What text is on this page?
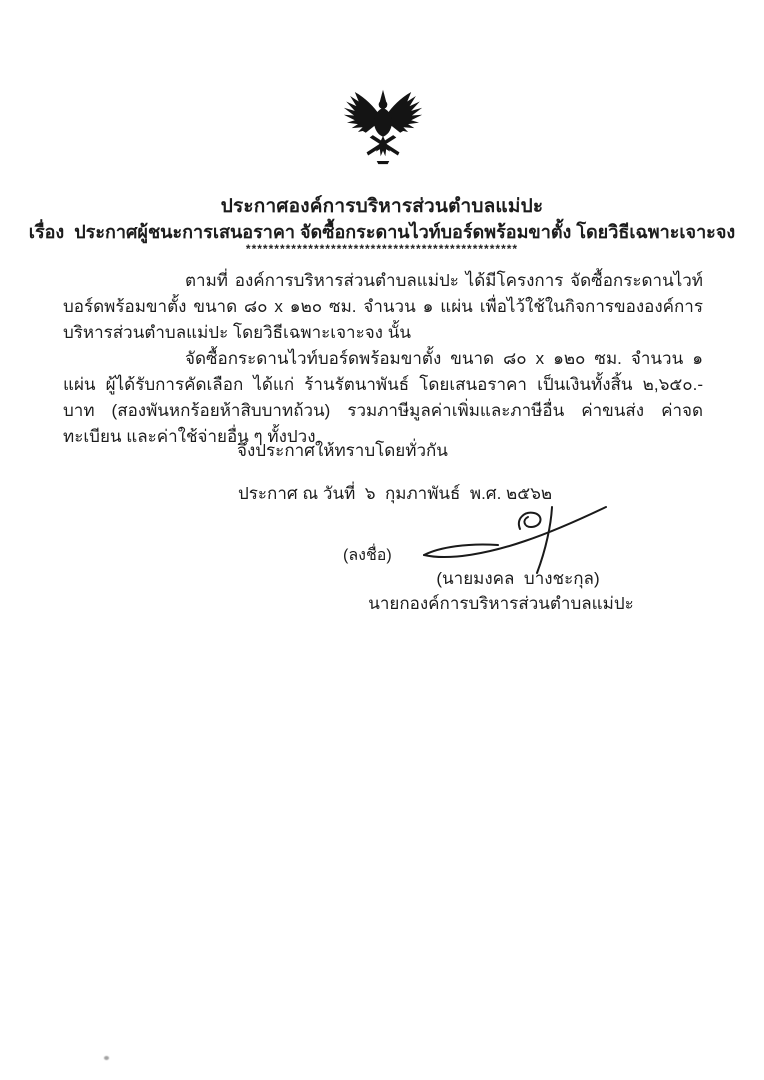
ประกาศองค์การบริหารส่วนตำบลแม่ปะ
เรื่อง  ประกาศผู้ชนะการเสนอราคา จัดซื้อกระดานไวท์บอร์ดพร้อมขาตั้ง โดยวิธีเฉพาะเจาะจง
************************************************

ตามที่ องค์การบริหารส่วนตำบลแม่ปะ ได้มีโครงการ จัดซื้อกระดานไวท์บอร์ดพร้อมขาตั้ง ขนาด ๘๐ x ๑๒๐ ซม. จำนวน ๑ แผ่น เพื่อไว้ใช้ในกิจการขององค์การบริหารส่วนตำบลแม่ปะ โดยวิธีเฉพาะเจาะจง นั้น

จัดซื้อกระดานไวท์บอร์ดพร้อมขาตั้ง ขนาด ๘๐ x ๑๒๐ ซม. จำนวน ๑ แผ่น ผู้ได้รับการคัดเลือก ได้แก่ ร้านรัตนาพันธ์ โดยเสนอราคา เป็นเงินทั้งสิ้น ๒,๖๕๐.- บาท (สองพันหกร้อยห้าสิบบาทถ้วน) รวมภาษีมูลค่าเพิ่มและภาษีอื่น ค่าขนส่ง ค่าจดทะเบียน และค่าใช้จ่ายอื่น ๆ ทั้งปวง

จึงประกาศให้ทราบโดยทั่วกัน
ประกาศ ณ วันที่  ๖  กุมภาพันธ์  พ.ศ. ๒๕๖๒
(ลงชื่อ)
(นายมงคล  บางชะกุล)
นายกองค์การบริหารส่วนตำบลแม่ปะ
